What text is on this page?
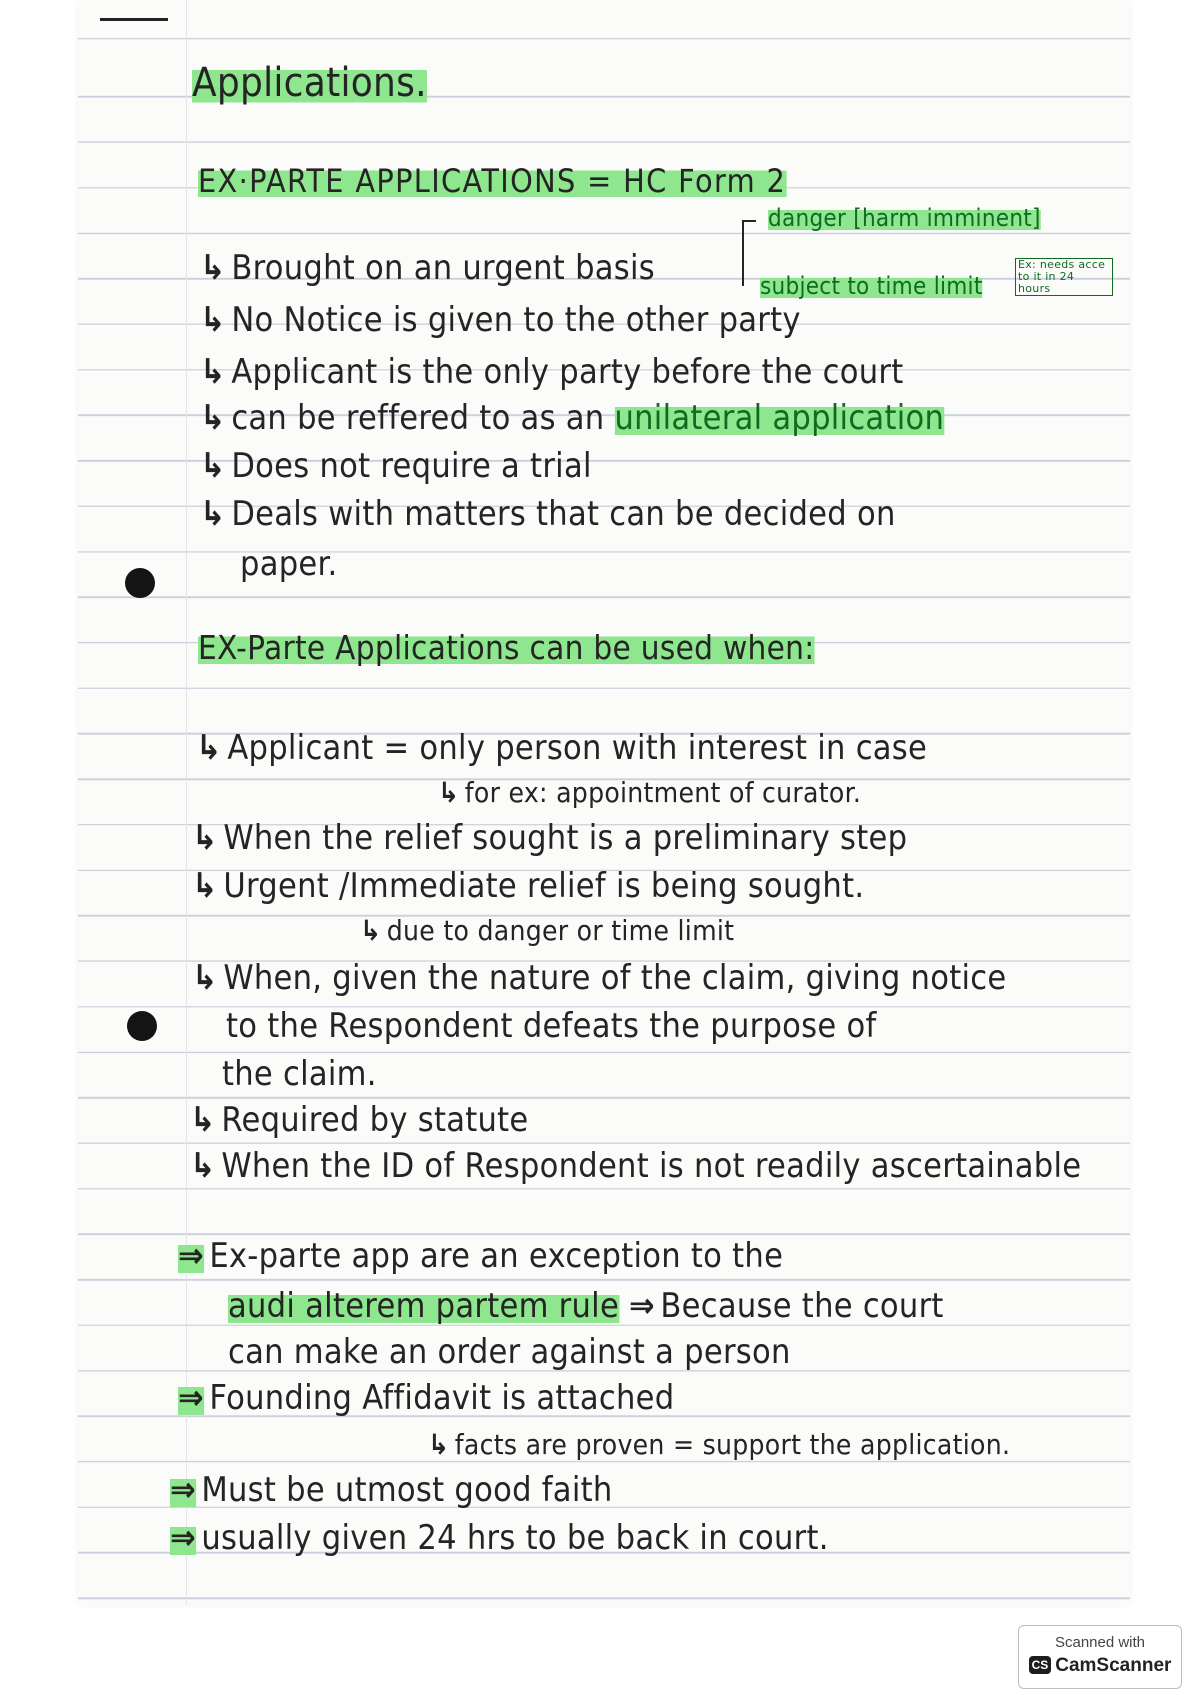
Applications.
EX·PARTE APPLICATIONS = HC Form 2
danger [harm imminent]
subject to time limit
Ex: needs acce to it in 24 hours
↳ Brought on an urgent basis
↳ No Notice is given to the other party
↳ Applicant is the only party before the court
↳ can be reffered to as an unilateral application
↳ Does not require a trial
↳ Deals with matters that can be decided on
paper.
EX-Parte Applications can be used when:
↳ Applicant = only person with interest in case
↳ for ex: appointment of curator.
↳ When the relief sought is a preliminary step
↳ Urgent /Immediate relief is being sought.
↳ due to danger or time limit
↳ When, given the nature of the claim, giving notice
to the Respondent defeats the purpose of
the claim.
↳ Required by statute
↳ When the ID of Respondent is not readily ascertainable
⇒ Ex-parte app are an exception to the
audi alterem partem rule ⇒ Because the court
can make an order against a person
⇒ Founding Affidavit is attached
↳ facts are proven = support the application.
⇒ Must be utmost good faith
⇒ usually given 24 hrs to be back in court.
Scanned with
CS CamScanner
